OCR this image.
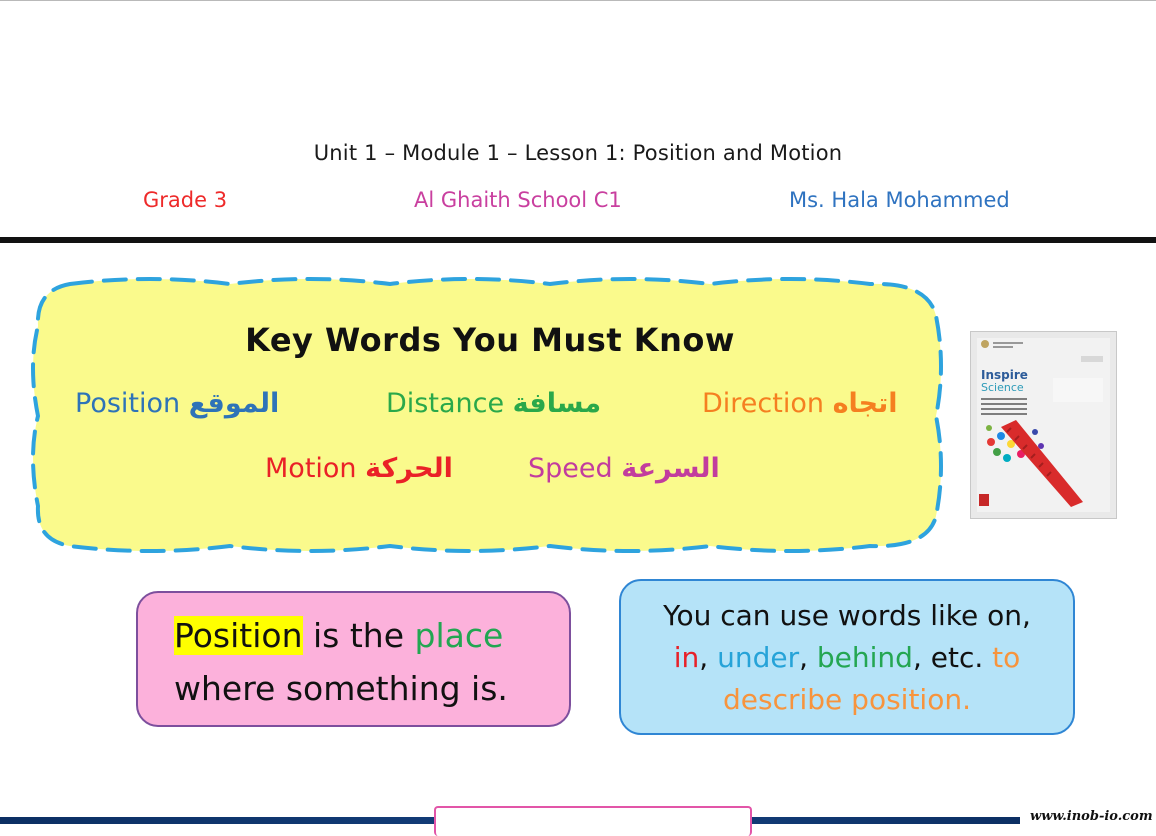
Unit 1 – Module 1 – Lesson 1: Position and Motion
Grade 3	Al Ghaith School C1	Ms. Hala Mohammed
Key Words You Must Know
Position الموقع	Distance مسافة	Direction اتجاه
Motion الحركة	Speed السرعة
Inspire
Science
Position is the place
where something is.
You can use words like on,
in, under, behind, etc. to
describe position.
www.inob-io.com
